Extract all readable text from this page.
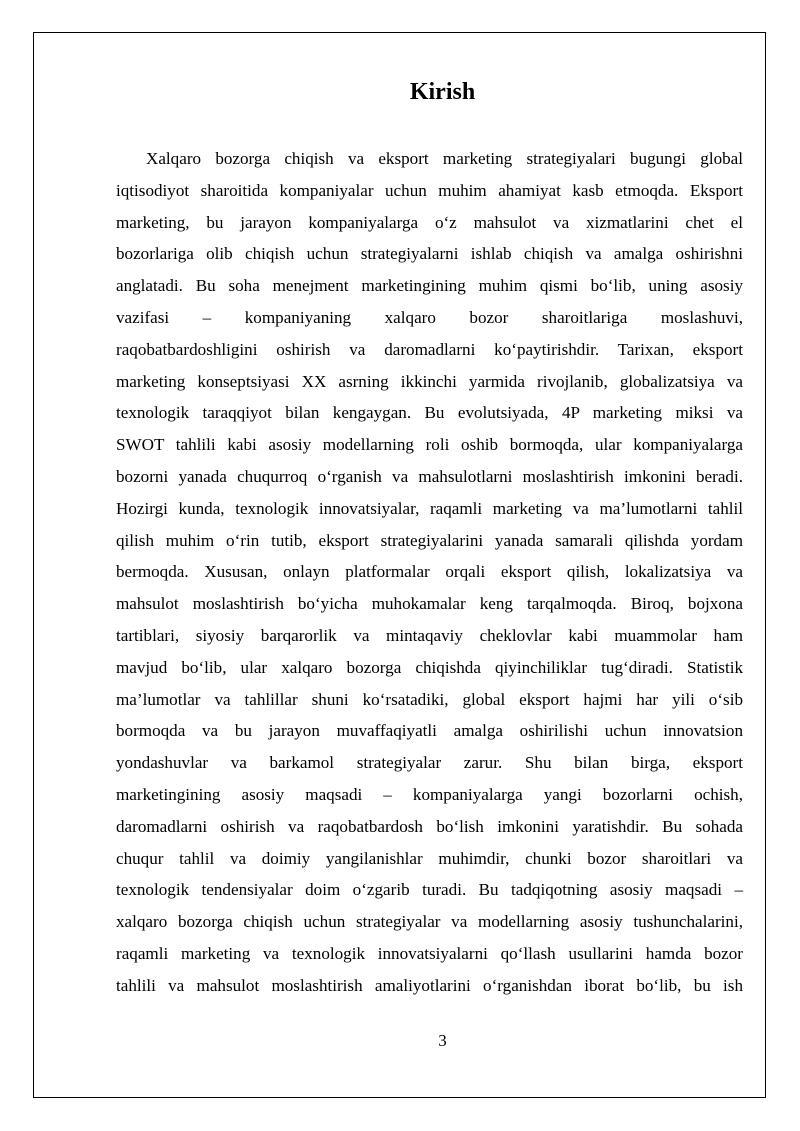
Kirish
Xalqaro bozorga chiqish va eksport marketing strategiyalari bugungi global
iqtisodiyot sharoitida kompaniyalar uchun muhim ahamiyat kasb etmoqda. Eksport
marketing, bu jarayon kompaniyalarga o‘z mahsulot va xizmatlarini chet el
bozorlariga olib chiqish uchun strategiyalarni ishlab chiqish va amalga oshirishni
anglatadi. Bu soha menejment marketingining muhim qismi bo‘lib, uning asosiy
vazifasi – kompaniyaning xalqaro bozor sharoitlariga moslashuvi,
raqobatbardoshligini oshirish va daromadlarni ko‘paytirishdir. Tarixan, eksport
marketing konseptsiyasi XX asrning ikkinchi yarmida rivojlanib, globalizatsiya va
texnologik taraqqiyot bilan kengaygan. Bu evolutsiyada, 4P marketing miksi va
SWOT tahlili kabi asosiy modellarning roli oshib bormoqda, ular kompaniyalarga
bozorni yanada chuqurroq o‘rganish va mahsulotlarni moslashtirish imkonini beradi.
Hozirgi kunda, texnologik innovatsiyalar, raqamli marketing va ma’lumotlarni tahlil
qilish muhim o‘rin tutib, eksport strategiyalarini yanada samarali qilishda yordam
bermoqda. Xususan, onlayn platformalar orqali eksport qilish, lokalizatsiya va
mahsulot moslashtirish bo‘yicha muhokamalar keng tarqalmoqda. Biroq, bojxona
tartiblari, siyosiy barqarorlik va mintaqaviy cheklovlar kabi muammolar ham
mavjud bo‘lib, ular xalqaro bozorga chiqishda qiyinchiliklar tug‘diradi. Statistik
ma’lumotlar va tahlillar shuni ko‘rsatadiki, global eksport hajmi har yili o‘sib
bormoqda va bu jarayon muvaffaqiyatli amalga oshirilishi uchun innovatsion
yondashuvlar va barkamol strategiyalar zarur. Shu bilan birga, eksport
marketingining asosiy maqsadi – kompaniyalarga yangi bozorlarni ochish,
daromadlarni oshirish va raqobatbardosh bo‘lish imkonini yaratishdir. Bu sohada
chuqur tahlil va doimiy yangilanishlar muhimdir, chunki bozor sharoitlari va
texnologik tendensiyalar doim o‘zgarib turadi. Bu tadqiqotning asosiy maqsadi –
xalqaro bozorga chiqish uchun strategiyalar va modellarning asosiy tushunchalarini,
raqamli marketing va texnologik innovatsiyalarni qo‘llash usullarini hamda bozor
tahlili va mahsulot moslashtirish amaliyotlarini o‘rganishdan iborat bo‘lib, bu ish
3
